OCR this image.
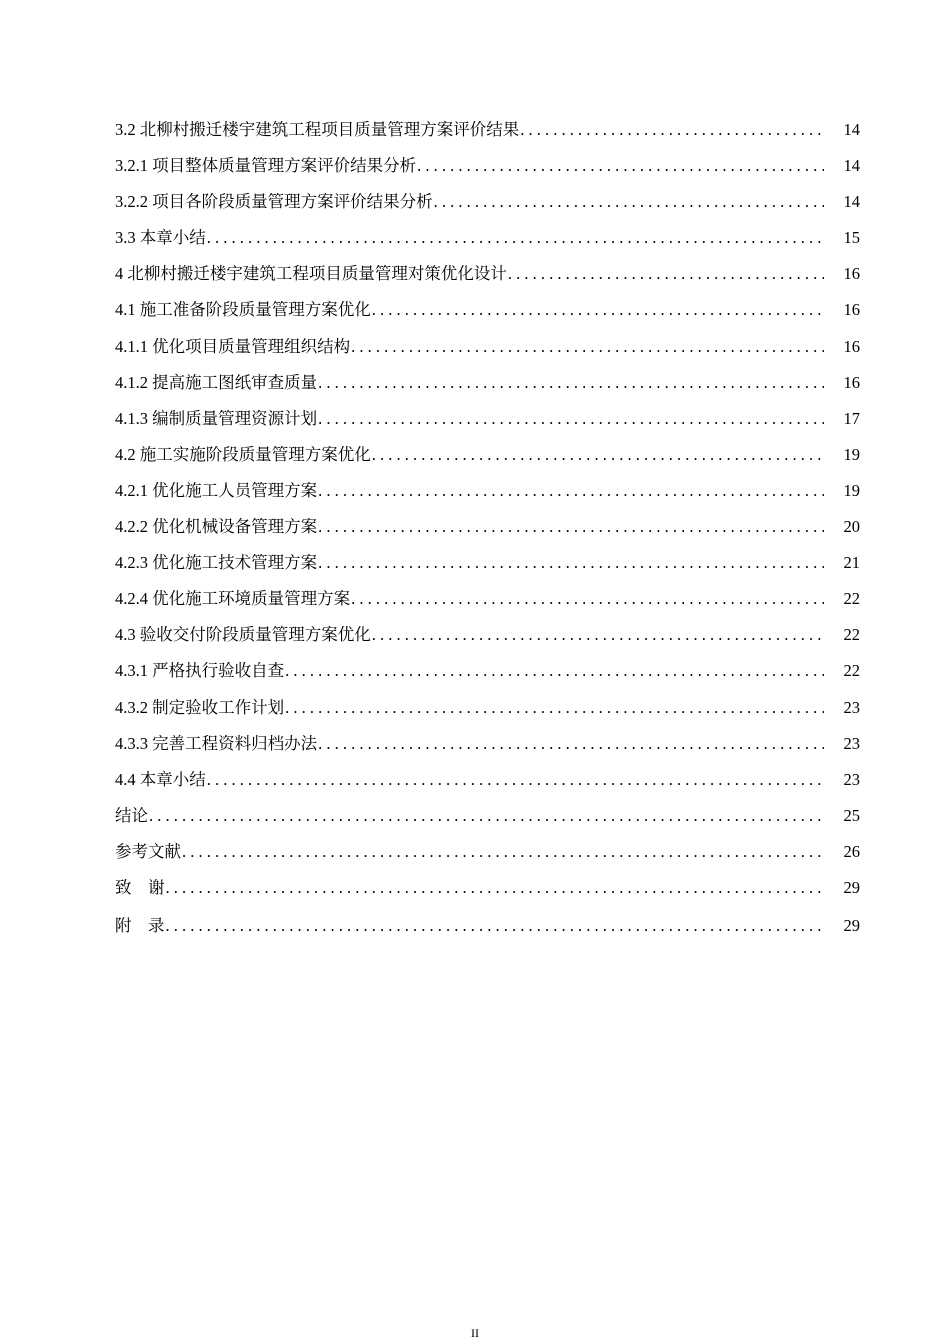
3.2 北柳村搬迁楼宇建筑工程项目质量管理方案评价结果 . . .	14
3.2.1 项目整体质量管理方案评价结果分析 . . .	14
3.2.2 项目各阶段质量管理方案评价结果分析 . . .	14
3.3 本章小结 . . .	15
4 北柳村搬迁楼宇建筑工程项目质量管理对策优化设计 . . .	16
4.1 施工准备阶段质量管理方案优化 . . .	16
4.1.1 优化项目质量管理组织结构 . . .	16
4.1.2 提高施工图纸审查质量 . . .	16
4.1.3 编制质量管理资源计划 . . .	17
4.2 施工实施阶段质量管理方案优化 . . .	19
4.2.1 优化施工人员管理方案 . . .	19
4.2.2 优化机械设备管理方案 . . .	20
4.2.3 优化施工技术管理方案 . . .	21
4.2.4 优化施工环境质量管理方案 . . .	22
4.3 验收交付阶段质量管理方案优化 . . .	22
4.3.1 严格执行验收自查 . . .	22
4.3.2 制定验收工作计划 . . .	23
4.3.3 完善工程资料归档办法 . . .	23
4.4 本章小结 . . .	23
结论 . . .	25
参考文献 . . .	26
致    谢 . . .	29
附    录 . . .	29
II
